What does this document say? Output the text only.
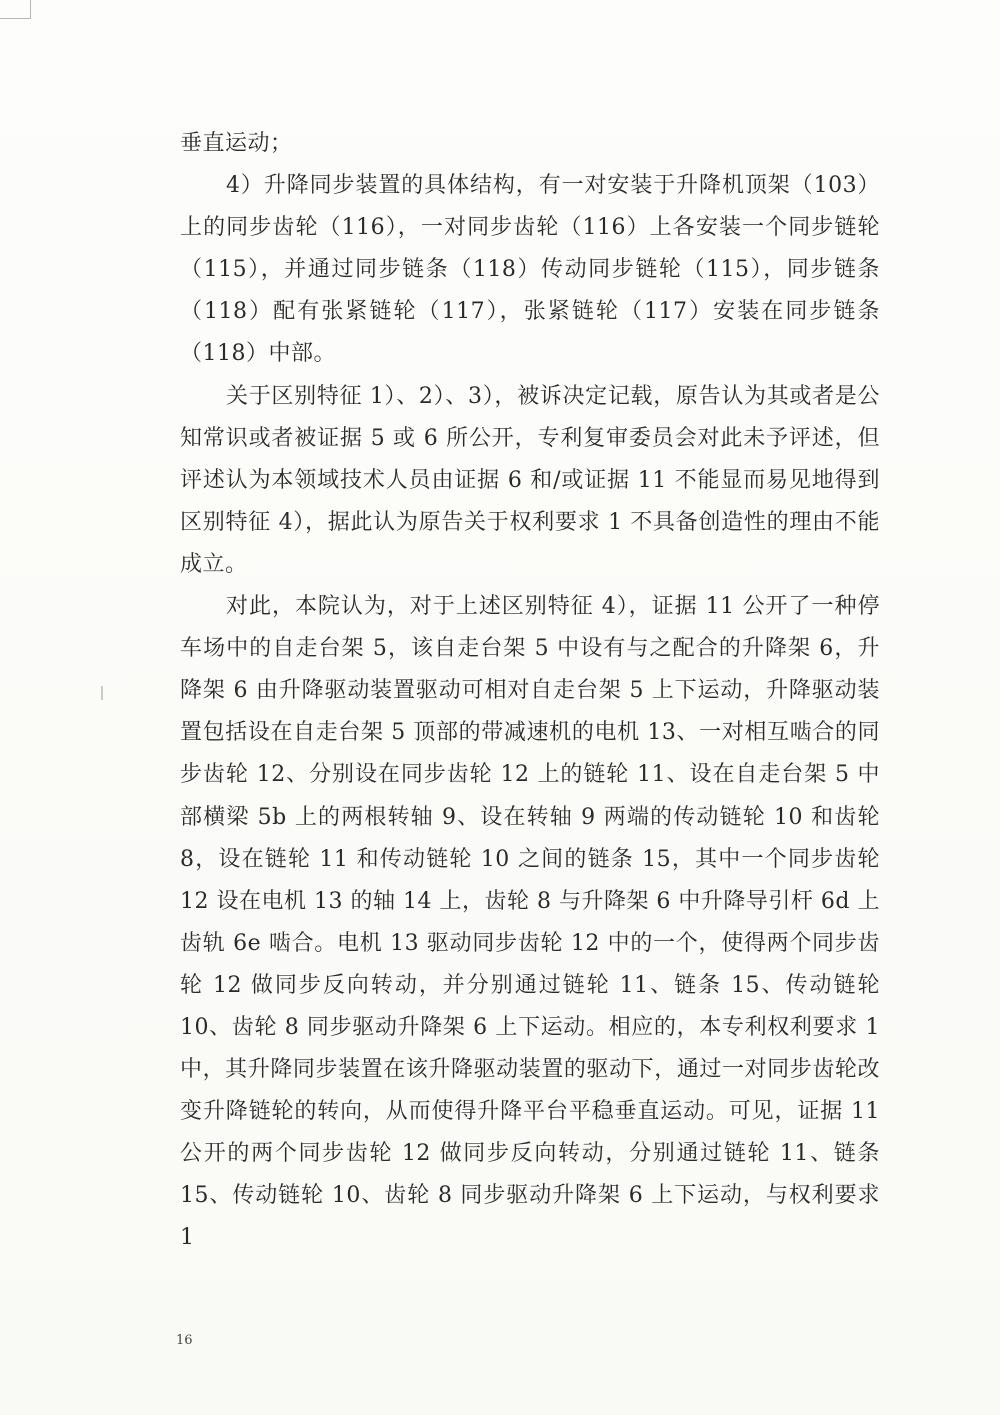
垂直运动；

4）升降同步装置的具体结构，有一对安装于升降机顶架（103）上的同步齿轮（116），一对同步齿轮（116）上各安装一个同步链轮（115），并通过同步链条（118）传动同步链轮（115），同步链条（118）配有张紧链轮（117），张紧链轮（117）安装在同步链条（118）中部。

关于区别特征 1）、2）、3），被诉决定记载，原告认为其或者是公知常识或者被证据 5 或 6 所公开，专利复审委员会对此未予评述，但评述认为本领域技术人员由证据 6 和/或证据 11 不能显而易见地得到区别特征 4），据此认为原告关于权利要求 1 不具备创造性的理由不能成立。

对此，本院认为，对于上述区别特征 4），证据 11 公开了一种停车场中的自走台架 5，该自走台架 5 中设有与之配合的升降架 6，升降架 6 由升降驱动装置驱动可相对自走台架 5 上下运动，升降驱动装置包括设在自走台架 5 顶部的带减速机的电机 13、一对相互啮合的同步齿轮 12、分别设在同步齿轮 12 上的链轮 11、设在自走台架 5 中部横梁 5b 上的两根转轴 9、设在转轴 9 两端的传动链轮 10 和齿轮 8，设在链轮 11 和传动链轮 10 之间的链条 15，其中一个同步齿轮 12 设在电机 13 的轴 14 上，齿轮 8 与升降架 6 中升降导引杆 6d 上齿轨 6e 啮合。电机 13 驱动同步齿轮 12 中的一个，使得两个同步齿轮 12 做同步反向转动，并分别通过链轮 11、链条 15、传动链轮 10、齿轮 8 同步驱动升降架 6 上下运动。相应的，本专利权利要求 1 中，其升降同步装置在该升降驱动装置的驱动下，通过一对同步齿轮改变升降链轮的转向，从而使得升降平台平稳垂直运动。可见，证据 11 公开的两个同步齿轮 12 做同步反向转动，分别通过链轮 11、链条 15、传动链轮 10、齿轮 8 同步驱动升降架 6 上下运动，与权利要求 1

16
